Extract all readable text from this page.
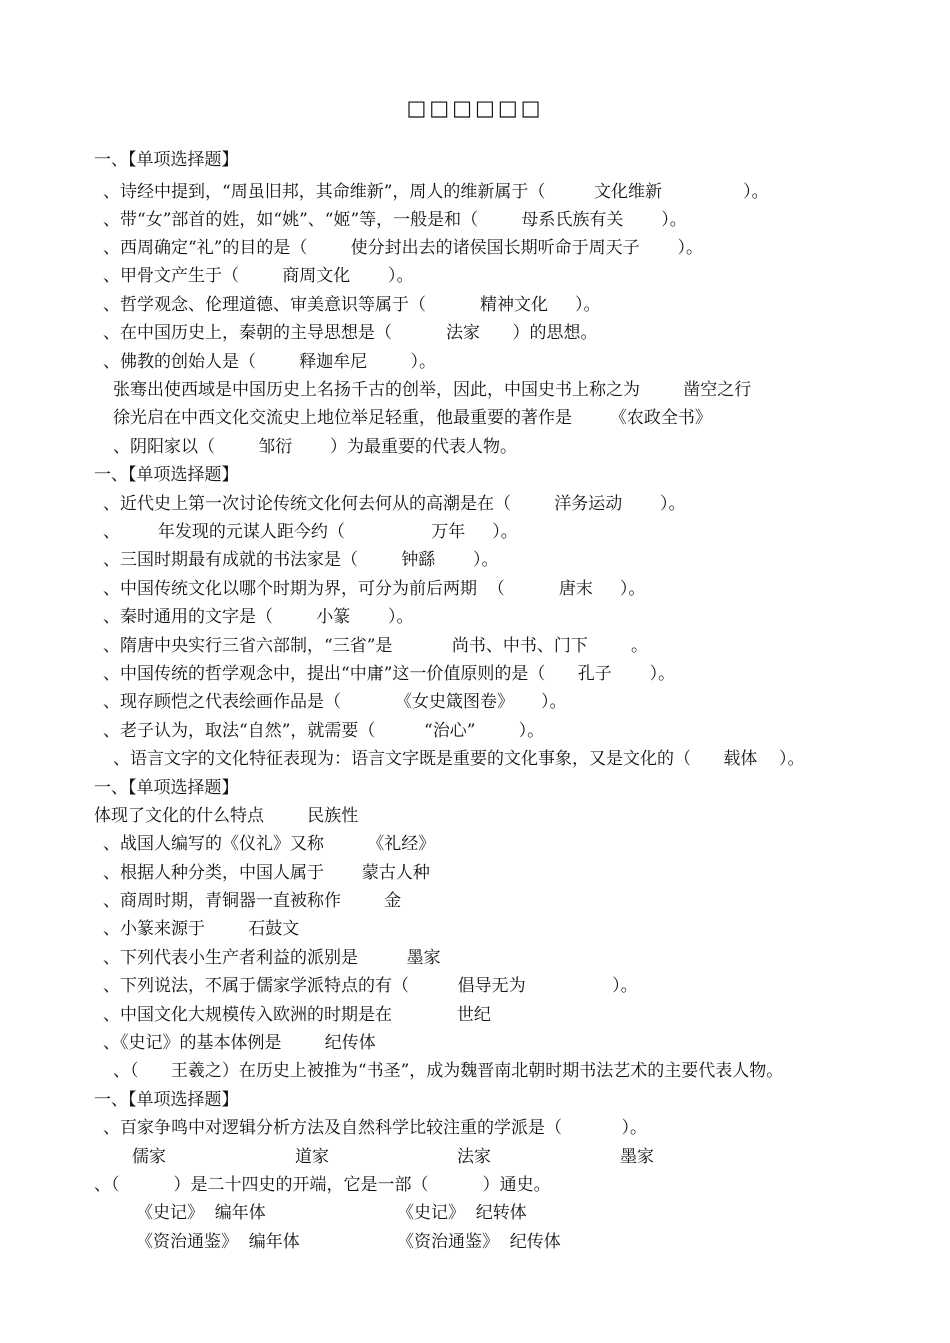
□□□□□□
一、【单项选择题】
、诗经中提到，“周虽旧邦，其命维新”，周人的维新属于（         文化维新               ）。
、带“女”部首的姓，如“姚”、“姬”等，一般是和（        母系氏族有关       ）。
、西周确定“礼”的目的是（        使分封出去的诸侯国长期听命于周天子       ）。
、甲骨文产生于（        商周文化       ）。
、哲学观念、伦理道德、审美意识等属于（          精神文化     ）。
、在中国历史上，秦朝的主导思想是（          法家      ）的思想。
、佛教的创始人是（        释迦牟尼        ）。
张骞出使西域是中国历史上名扬千古的创举，因此，中国史书上称之为        凿空之行
徐光启在中西文化交流史上地位举足轻重，他最重要的著作是       《农政全书》
、阴阳家以（        邹衍       ）为最重要的代表人物。
一、【单项选择题】
、近代史上第一次讨论传统文化何去何从的高潮是在（        洋务运动       ）。
、       年发现的元谋人距今约（                万年     ）。
、三国时期最有成就的书法家是（        钟繇       ）。
、中国传统文化以哪个时期为界，可分为前后两期  （          唐末     ）。
、秦时通用的文字是（        小篆       ）。
、隋唐中央实行三省六部制，“三省”是           尚书、中书、门下        。
、中国传统的哲学观念中，提出“中庸”这一价值原则的是（      孔子       ）。
、现存顾恺之代表绘画作品是（          《女史箴图卷》     ）。
、老子认为，取法“自然”，就需要（         “治心”        ）。
、语言文字的文化特征表现为：语言文字既是重要的文化事象，又是文化的（      载体    ）。
一、【单项选择题】
体现了文化的什么特点        民族性
、战国人编写的《仪礼》又称        《礼经》
、根据人种分类，中国人属于       蒙古人种
、商周时期，青铜器一直被称作        金
、小篆来源于        石鼓文
、下列代表小生产者利益的派别是         墨家
、下列说法，不属于儒家学派特点的有（         倡导无为                ）。
、中国文化大规模传入欧洲的时期是在            世纪
、《史记》的基本体例是        纪传体
、（      王羲之）在历史上被推为“书圣”，成为魏晋南北朝时期书法艺术的主要代表人物。
一、【单项选择题】
、百家争鸣中对逻辑分析方法及自然科学比较注重的学派是（           ）。
儒家	道家	法家	墨家
、（          ）是二十四史的开端，它是一部（          ）通史。
《史记》  编年体	《史记》  纪转体
《资治通鉴》  编年体	《资治通鉴》  纪传体
